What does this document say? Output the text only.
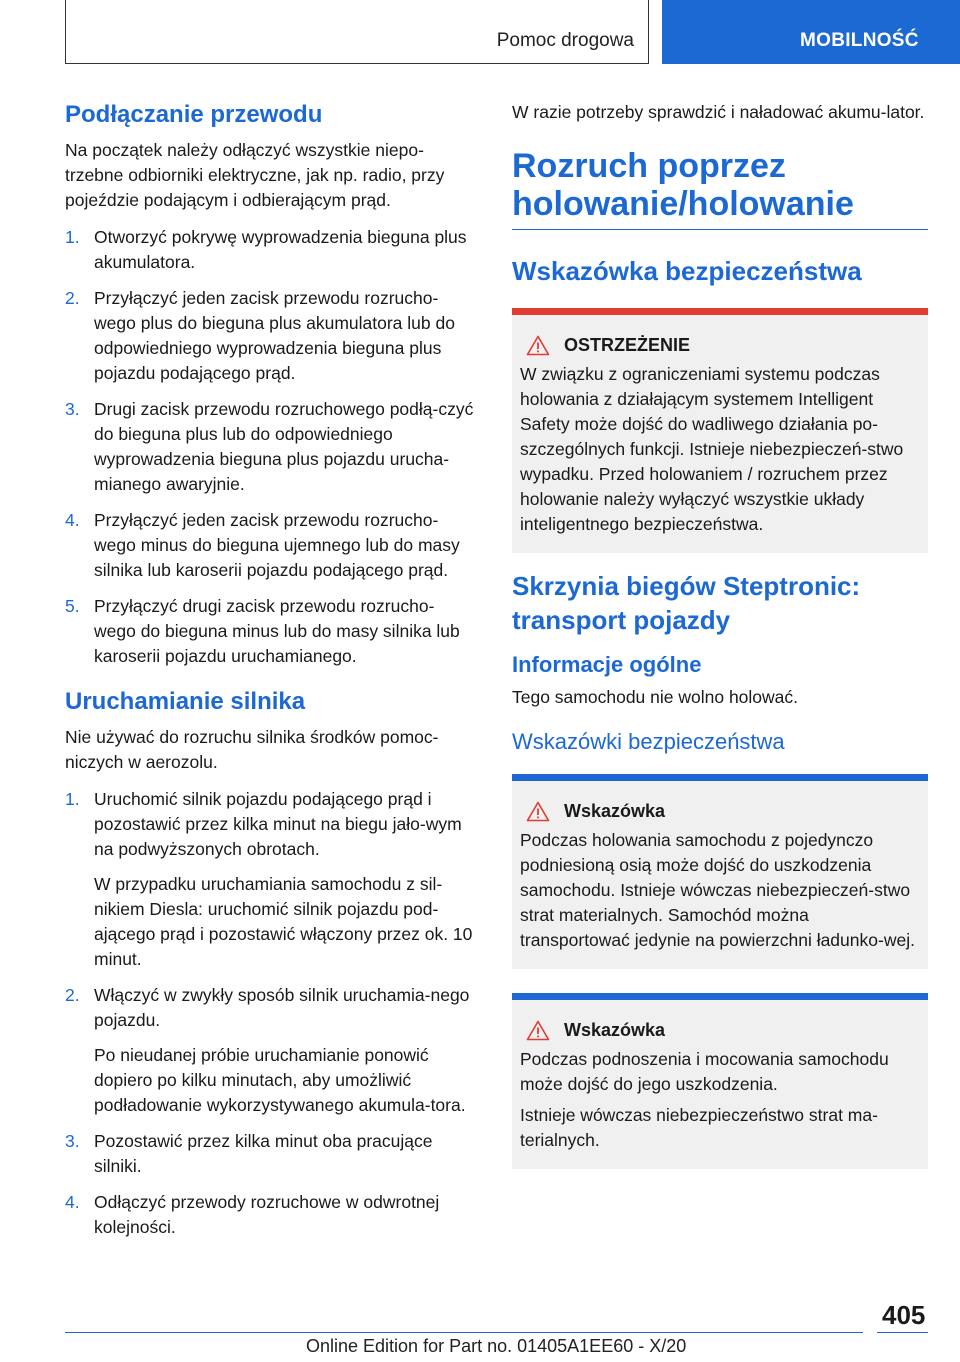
Pomoc drogowa	MOBILNOŚĆ
Podłączanie przewodu

Na początek należy odłączyć wszystkie niepo-trzebne odbiorniki elektryczne, jak np. radio, przy pojeździe podającym i odbierającym prąd.

1. Otworzyć pokrywę wyprowadzenia bieguna plus akumulatora.
2. Przyłączyć jeden zacisk przewodu rozrucho-wego plus do bieguna plus akumulatora lub do odpowiedniego wyprowadzenia bieguna plus pojazdu podającego prąd.
3. Drugi zacisk przewodu rozruchowego podłą-czyć do bieguna plus lub do odpowiedniego wyprowadzenia bieguna plus pojazdu urucha-mianego awaryjnie.
4. Przyłączyć jeden zacisk przewodu rozrucho-wego minus do bieguna ujemnego lub do masy silnika lub karoserii pojazdu podającego prąd.
5. Przyłączyć drugi zacisk przewodu rozrucho-wego do bieguna minus lub do masy silnika lub karoserii pojazdu uruchamianego.
Uruchamianie silnika

Nie używać do rozruchu silnika środków pomoc-niczych w aerozolu.

1. Uruchomić silnik pojazdu podającego prąd i pozostawić przez kilka minut na biegu jało-wym na podwyższonych obrotach.

W przypadku uruchamiania samochodu z sil-nikiem Diesla: uruchomić silnik pojazdu pod-ającego prąd i pozostawić włączony przez ok. 10 minut.

2. Włączyć w zwykły sposób silnik uruchamia-nego pojazdu.

Po nieudanej próbie uruchamianie ponowić dopiero po kilku minutach, aby umożliwić podładowanie wykorzystywanego akumula-tora.

3. Pozostawić przez kilka minut oba pracujące silniki.
4. Odłączyć przewody rozruchowe w odwrotnej kolejności.

W razie potrzeby sprawdzić i naładować akumu-lator.

Rozruch poprzez holowanie/holowanie
Wskazówka bezpieczeństwa
OSTRZEŻENIE

W związku z ograniczeniami systemu podczas holowania z działającym systemem Intelligent Safety może dojść do wadliwego działania po-szczególnych funkcji. Istnieje niebezpieczeń-stwo wypadku. Przed holowaniem / rozruchem przez holowanie należy wyłączyć wszystkie układy inteligentnego bezpieczeństwa.

Skrzynia biegów Steptronic: transport pojazdy
Informacje ogólne

Tego samochodu nie wolno holować.

Wskazówki bezpieczeństwa
Wskazówka

Podczas holowania samochodu z pojedynczo podniesioną osią może dojść do uszkodzenia samochodu. Istnieje wówczas niebezpieczeń-stwo strat materialnych. Samochód można transportować jedynie na powierzchni ładunko-wej.

Wskazówka

Podczas podnoszenia i mocowania samochodu może dojść do jego uszkodzenia.

Istnieje wówczas niebezpieczeństwo strat ma-terialnych.

405
Online Edition for Part no. 01405A1EE60 - X/20
